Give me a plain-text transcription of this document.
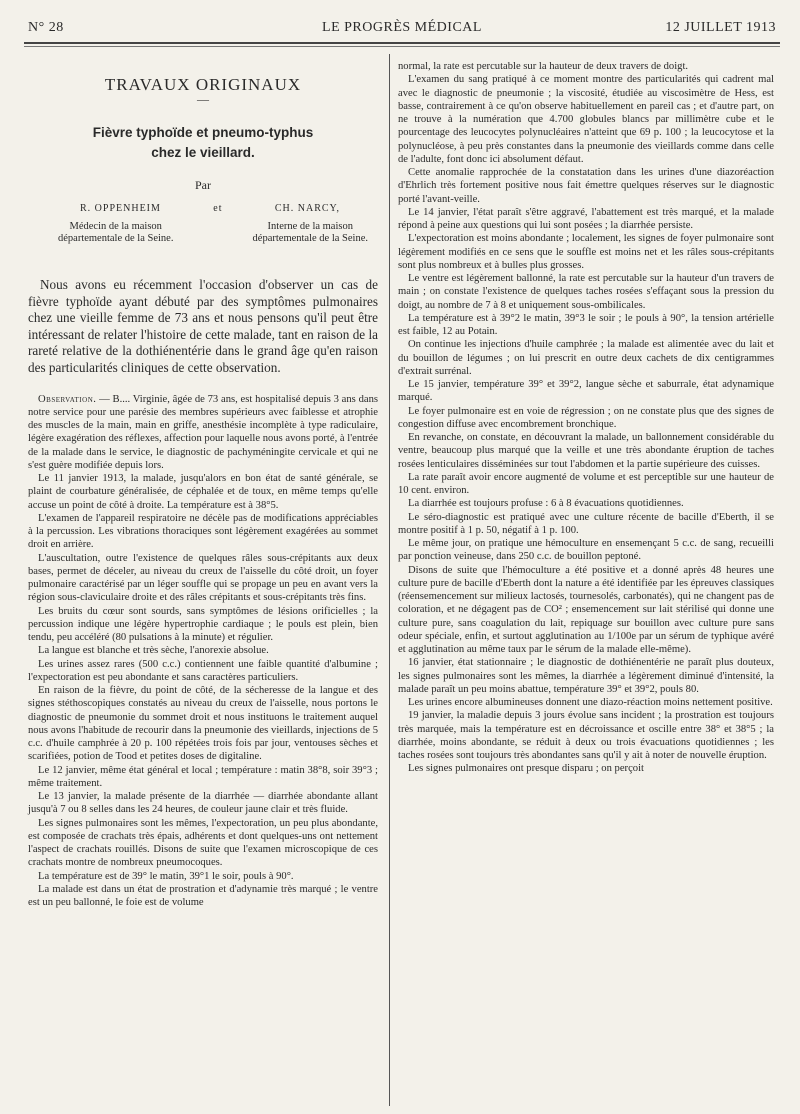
N° 28	LE PROGRÈS MÉDICAL	12 JUILLET 1913
TRAVAUX ORIGINAUX
—
Fièvre typhoïde et pneumo-typhus
chez le vieillard.
Par
R. OPPENHEIM	et	CH. NARCY,
Médecin de la maison
départementale de la Seine.
Interne de la maison
départementale de la Seine.

Nous avons eu récemment l'occasion d'observer un cas de fièvre typhoïde ayant débuté par des symptômes pulmonaires chez une vieille femme de 73 ans et nous pensons qu'il peut être intéressant de relater l'histoire de cette malade, tant en raison de la rareté relative de la dothiénentérie dans le grand âge qu'en raison des particularités cliniques de cette observation.

Observation. — B.... Virginie, âgée de 73 ans, est hospitalisé depuis 3 ans dans notre service pour une parésie des membres supérieurs avec faiblesse et atrophie des muscles de la main, main en griffe, anesthésie incomplète à type radiculaire, légère exagération des réflexes, affection pour laquelle nous avons porté, à l'entrée de la malade dans le service, le diagnostic de pachyméningite cervicale et qui ne s'est guère modifiée depuis lors.

Le 11 janvier 1913, la malade, jusqu'alors en bon état de santé générale, se plaint de courbature généralisée, de céphalée et de toux, en même temps qu'elle accuse un point de côté à droite. La température est à 38°5.

L'examen de l'appareil respiratoire ne décèle pas de modifications appréciables à la percussion. Les vibrations thoraciques sont légèrement exagérées au sommet droit en arrière.

L'auscultation, outre l'existence de quelques râles sous-crépitants aux deux bases, permet de déceler, au niveau du creux de l'aisselle du côté droit, un foyer pulmonaire caractérisé par un léger souffle qui se propage un peu en avant vers la région sous-claviculaire droite et des râles crépitants et sous-crépitants très fins.

Les bruits du cœur sont sourds, sans symptômes de lésions orificielles ; la percussion indique une légère hypertrophie cardiaque ; le pouls est plein, bien tendu, peu accéléré (80 pulsations à la minute) et régulier.

La langue est blanche et très sèche, l'anorexie absolue.

Les urines assez rares (500 c.c.) contiennent une faible quantité d'albumine ; l'expectoration est peu abondante et sans caractères particuliers.

En raison de la fièvre, du point de côté, de la sécheresse de la langue et des signes stéthoscopiques constatés au niveau du creux de l'aisselle, nous portons le diagnostic de pneumonie du sommet droit et nous instituons le traitement auquel nous avons l'habitude de recourir dans la pneumonie des vieillards, injections de 5 c.c. d'huile camphrée à 20 p. 100 répétées trois fois par jour, ventouses sèches et scarifiées, potion de Tood et petites doses de digitaline.

Le 12 janvier, même état général et local ; température : matin 38°8, soir 39°3 ; même traitement.

Le 13 janvier, la malade présente de la diarrhée — diarrhée abondante allant jusqu'à 7 ou 8 selles dans les 24 heures, de couleur jaune clair et très fluide.

Les signes pulmonaires sont les mêmes, l'expectoration, un peu plus abondante, est composée de crachats très épais, adhérents et dont quelques-uns ont nettement l'aspect de crachats rouillés. Disons de suite que l'examen microscopique de ces crachats montre de nombreux pneumocoques.

La température est de 39° le matin, 39°1 le soir, pouls à 90°.

La malade est dans un état de prostration et d'adynamie très marqué ; le ventre est un peu ballonné, le foie est de volume

normal, la rate est percutable sur la hauteur de deux travers de doigt.

L'examen du sang pratiqué à ce moment montre des particularités qui cadrent mal avec le diagnostic de pneumonie ; la viscosité, étudiée au viscosimètre de Hess, est basse, contrairement à ce qu'on observe habituellement en pareil cas ; et d'autre part, on ne trouve à la numération que 4.700 globules blancs par millimètre cube et le pourcentage des leucocytes polynucléaires n'atteint que 69 p. 100 ; la leucocytose et la polynucléose, à peu près constantes dans la pneumonie des vieillards comme dans celle de l'adulte, font donc ici absolument défaut.

Cette anomalie rapprochée de la constatation dans les urines d'une diazoréaction d'Ehrlich très fortement positive nous fait émettre quelques réserves sur le diagnostic porté l'avant-veille.

Le 14 janvier, l'état paraît s'être aggravé, l'abattement est très marqué, et la malade répond à peine aux questions qui lui sont posées ; la diarrhée persiste.

L'expectoration est moins abondante ; localement, les signes de foyer pulmonaire sont légèrement modifiés en ce sens que le souffle est moins net et les râles sous-crépitants sont plus nombreux et à bulles plus grosses.

Le ventre est légèrement ballonné, la rate est percutable sur la hauteur d'un travers de main ; on constate l'existence de quelques taches rosées s'effaçant sous la pression du doigt, au nombre de 7 à 8 et uniquement sous-ombilicales.

La température est à 39°2 le matin, 39°3 le soir ; le pouls à 90°, la tension artérielle est faible, 12 au Potain.

On continue les injections d'huile camphrée ; la malade est alimentée avec du lait et du bouillon de légumes ; on lui prescrit en outre deux cachets de dix centigrammes d'extrait surrénal.

Le 15 janvier, température 39° et 39°2, langue sèche et saburrale, état adynamique marqué.

Le foyer pulmonaire est en voie de régression ; on ne constate plus que des signes de congestion diffuse avec encombrement bronchique.

En revanche, on constate, en découvrant la malade, un ballonnement considérable du ventre, beaucoup plus marqué que la veille et une très abondante éruption de taches rosées lenticulaires disséminées sur tout l'abdomen et la partie supérieure des cuisses.

La rate paraît avoir encore augmenté de volume et est perceptible sur une hauteur de 10 cent. environ.

La diarrhée est toujours profuse : 6 à 8 évacuations quotidiennes.

Le séro-diagnostic est pratiqué avec une culture récente de bacille d'Eberth, il se montre positif à 1 p. 50, négatif à 1 p. 100.

Le même jour, on pratique une hémoculture en ensemençant 5 c.c. de sang, recueilli par ponction veineuse, dans 250 c.c. de bouillon peptoné.

Disons de suite que l'hémoculture a été positive et a donné après 48 heures une culture pure de bacille d'Eberth dont la nature a été identifiée par les épreuves classiques (réensemencement sur milieux lactosés, tournesolés, carbonatés), qui ne changent pas de coloration, et ne dégagent pas de CO² ; ensemencement sur lait stérilisé qui donne une culture pure, sans coagulation du lait, repiquage sur bouillon avec culture pure sans odeur spéciale, enfin, et surtout agglutination au 1/100e par un sérum de typhique avéré et agglutination au même taux par le sérum de la malade elle-même).

16 janvier, état stationnaire ; le diagnostic de dothiénentérie ne paraît plus douteux, les signes pulmonaires sont les mêmes, la diarrhée a légèrement diminué d'intensité, la malade paraît un peu moins abattue, température 39° et 39°2, pouls 80.

Les urines encore albumineuses donnent une diazo-réaction moins nettement positive.

19 janvier, la maladie depuis 3 jours évolue sans incident ; la prostration est toujours très marquée, mais la température est en décroissance et oscille entre 38° et 38°5 ; la diarrhée, moins abondante, se réduit à deux ou trois évacuations quotidiennes ; les taches rosées sont toujours très abondantes sans qu'il y ait à noter de nouvelle éruption.

Les signes pulmonaires ont presque disparu ; on perçoit
